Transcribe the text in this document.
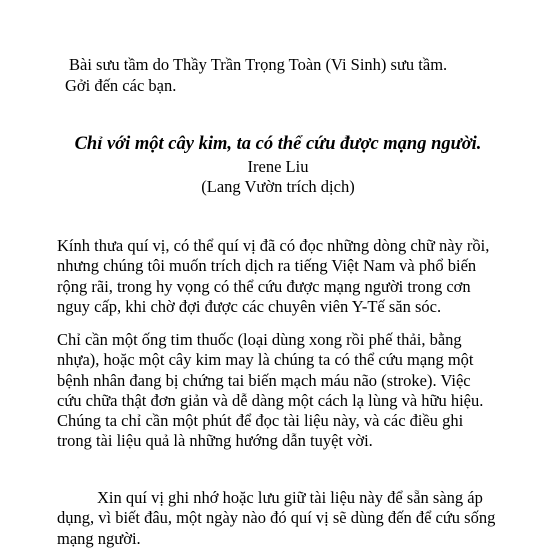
Bài sưu tầm do Thầy Trần Trọng Toàn (Vi Sinh) sưu tầm.
Gởi đến các bạn.
Chỉ với một cây kim, ta có thể cứu được mạng người.
Irene Liu
(Lang Vườn trích dịch)
Kính thưa quí vị, có thể quí vị đã có đọc những dòng chữ này rồi,
nhưng chúng tôi muốn trích dịch ra tiếng Việt Nam và phổ biến
rộng rãi, trong hy vọng có thể cứu được mạng người trong cơn
nguy cấp, khi chờ đợi được các chuyên viên Y-Tế săn sóc.
Chỉ cần một ống tim thuốc (loại dùng xong rồi phế thải, bằng
nhựa), hoặc một cây kim may là chúng ta có thể cứu mạng một
bệnh nhân đang bị chứng tai biến mạch máu não (stroke). Việc
cứu chữa thật đơn giản và dễ dàng một cách lạ lùng và hữu hiệu.
Chúng ta chỉ cần một phút để đọc tài liệu này, và các điều ghi
trong tài liệu quả là những hướng dẫn tuyệt vời.
Xin quí vị ghi nhớ hoặc lưu giữ tài liệu này để sẵn sàng áp
dụng, vì biết đâu, một ngày nào đó quí vị sẽ dùng đến để cứu sống
mạng người.
